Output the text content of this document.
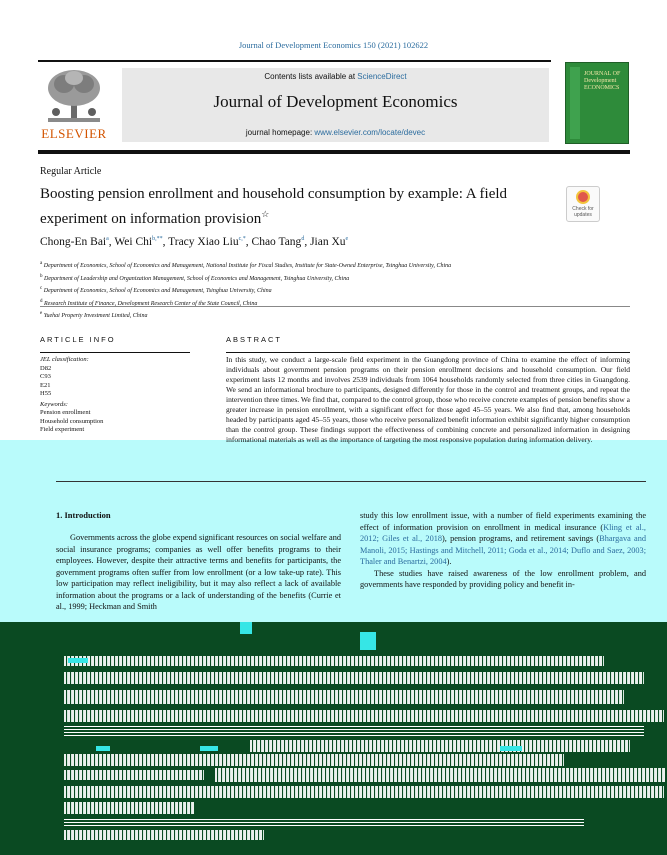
Journal of Development Economics 150 (2021) 102622
ELSEVIER
Contents lists available at ScienceDirect
Journal of Development Economics
journal homepage: www.elsevier.com/locate/devec
JOURNAL OF Development ECONOMICS
Regular Article
Boosting pension enrollment and household consumption by example: A field experiment on information provision☆	Check for updates
Chong-En Bai$^a$, Wei Chi$^{b,**}$, Tracy Xiao Liu$^{c,*}$, Chao Tang$^d$, Jian Xu$^e$
$^a$ Department of Economics, School of Economics and Management, National Institute for Fiscal Studies, Institute for State-Owned Enterprise, Tsinghua University, China
$^b$ Department of Leadership and Organization Management, School of Economics and Management, Tsinghua University, China
$^c$ Department of Economics, School of Economics and Management, Tsinghua University, China
$^d$ Research Institute of Finance, Development Research Center of the State Council, China
$^e$ Yuehai Property Investment Limited, China
ARTICLE INFO
JEL classification:
D82
C93
E21
H55
Keywords:
Pension enrollment
Household consumption
Field experiment
ABSTRACT
In this study, we conduct a large-scale field experiment in the Guangdong province of China to examine the effect of informing individuals about government pension programs on their pension enrollment decisions and household consumption. Our field experiment lasts 12 months and involves 2539 individuals from 1064 households randomly selected from three cities in Guangdong. We send an informational brochure to participants, designed differently for those in the control and treatment groups, and repeat the intervention three times. We find that, compared to the control group, those who receive concrete examples of pension benefits show a greater increase in pension enrollment, with a significant effect for those aged 45–55 years. We also find that, among households headed by participants aged 45–55 years, those who receive personalized benefit information exhibit significantly higher consumption than the control group. These findings support the effectiveness of combining concrete and personalized information in designing informational materials as well as the importance of targeting the most responsive population during information delivery.
1. Introduction
Governments across the globe expend significant resources on social welfare and social insurance programs; companies as well offer benefits programs to their employees. However, despite their attractive terms and benefits for participants, the government programs often suffer from low enrollment (or a low take-up rate). This low participation may reflect ineligibility, but it may also reflect a lack of available information about the programs or a lack of understanding of the benefits (Currie et al., 1999; Heckman and Smith
study this low enrollment issue, with a number of field experiments examining the effect of information provision on enrollment in medical insurance (Kling et al., 2012; Giles et al., 2018), pension programs, and retirement savings (Bhargava and Manoli, 2015; Hastings and Mitchell, 2011; Goda et al., 2014; Duflo and Saez, 2003; Thaler and Benartzi, 2004).
These studies have raised awareness of the low enrollment problem, and governments have responded by providing policy and benefit in-
